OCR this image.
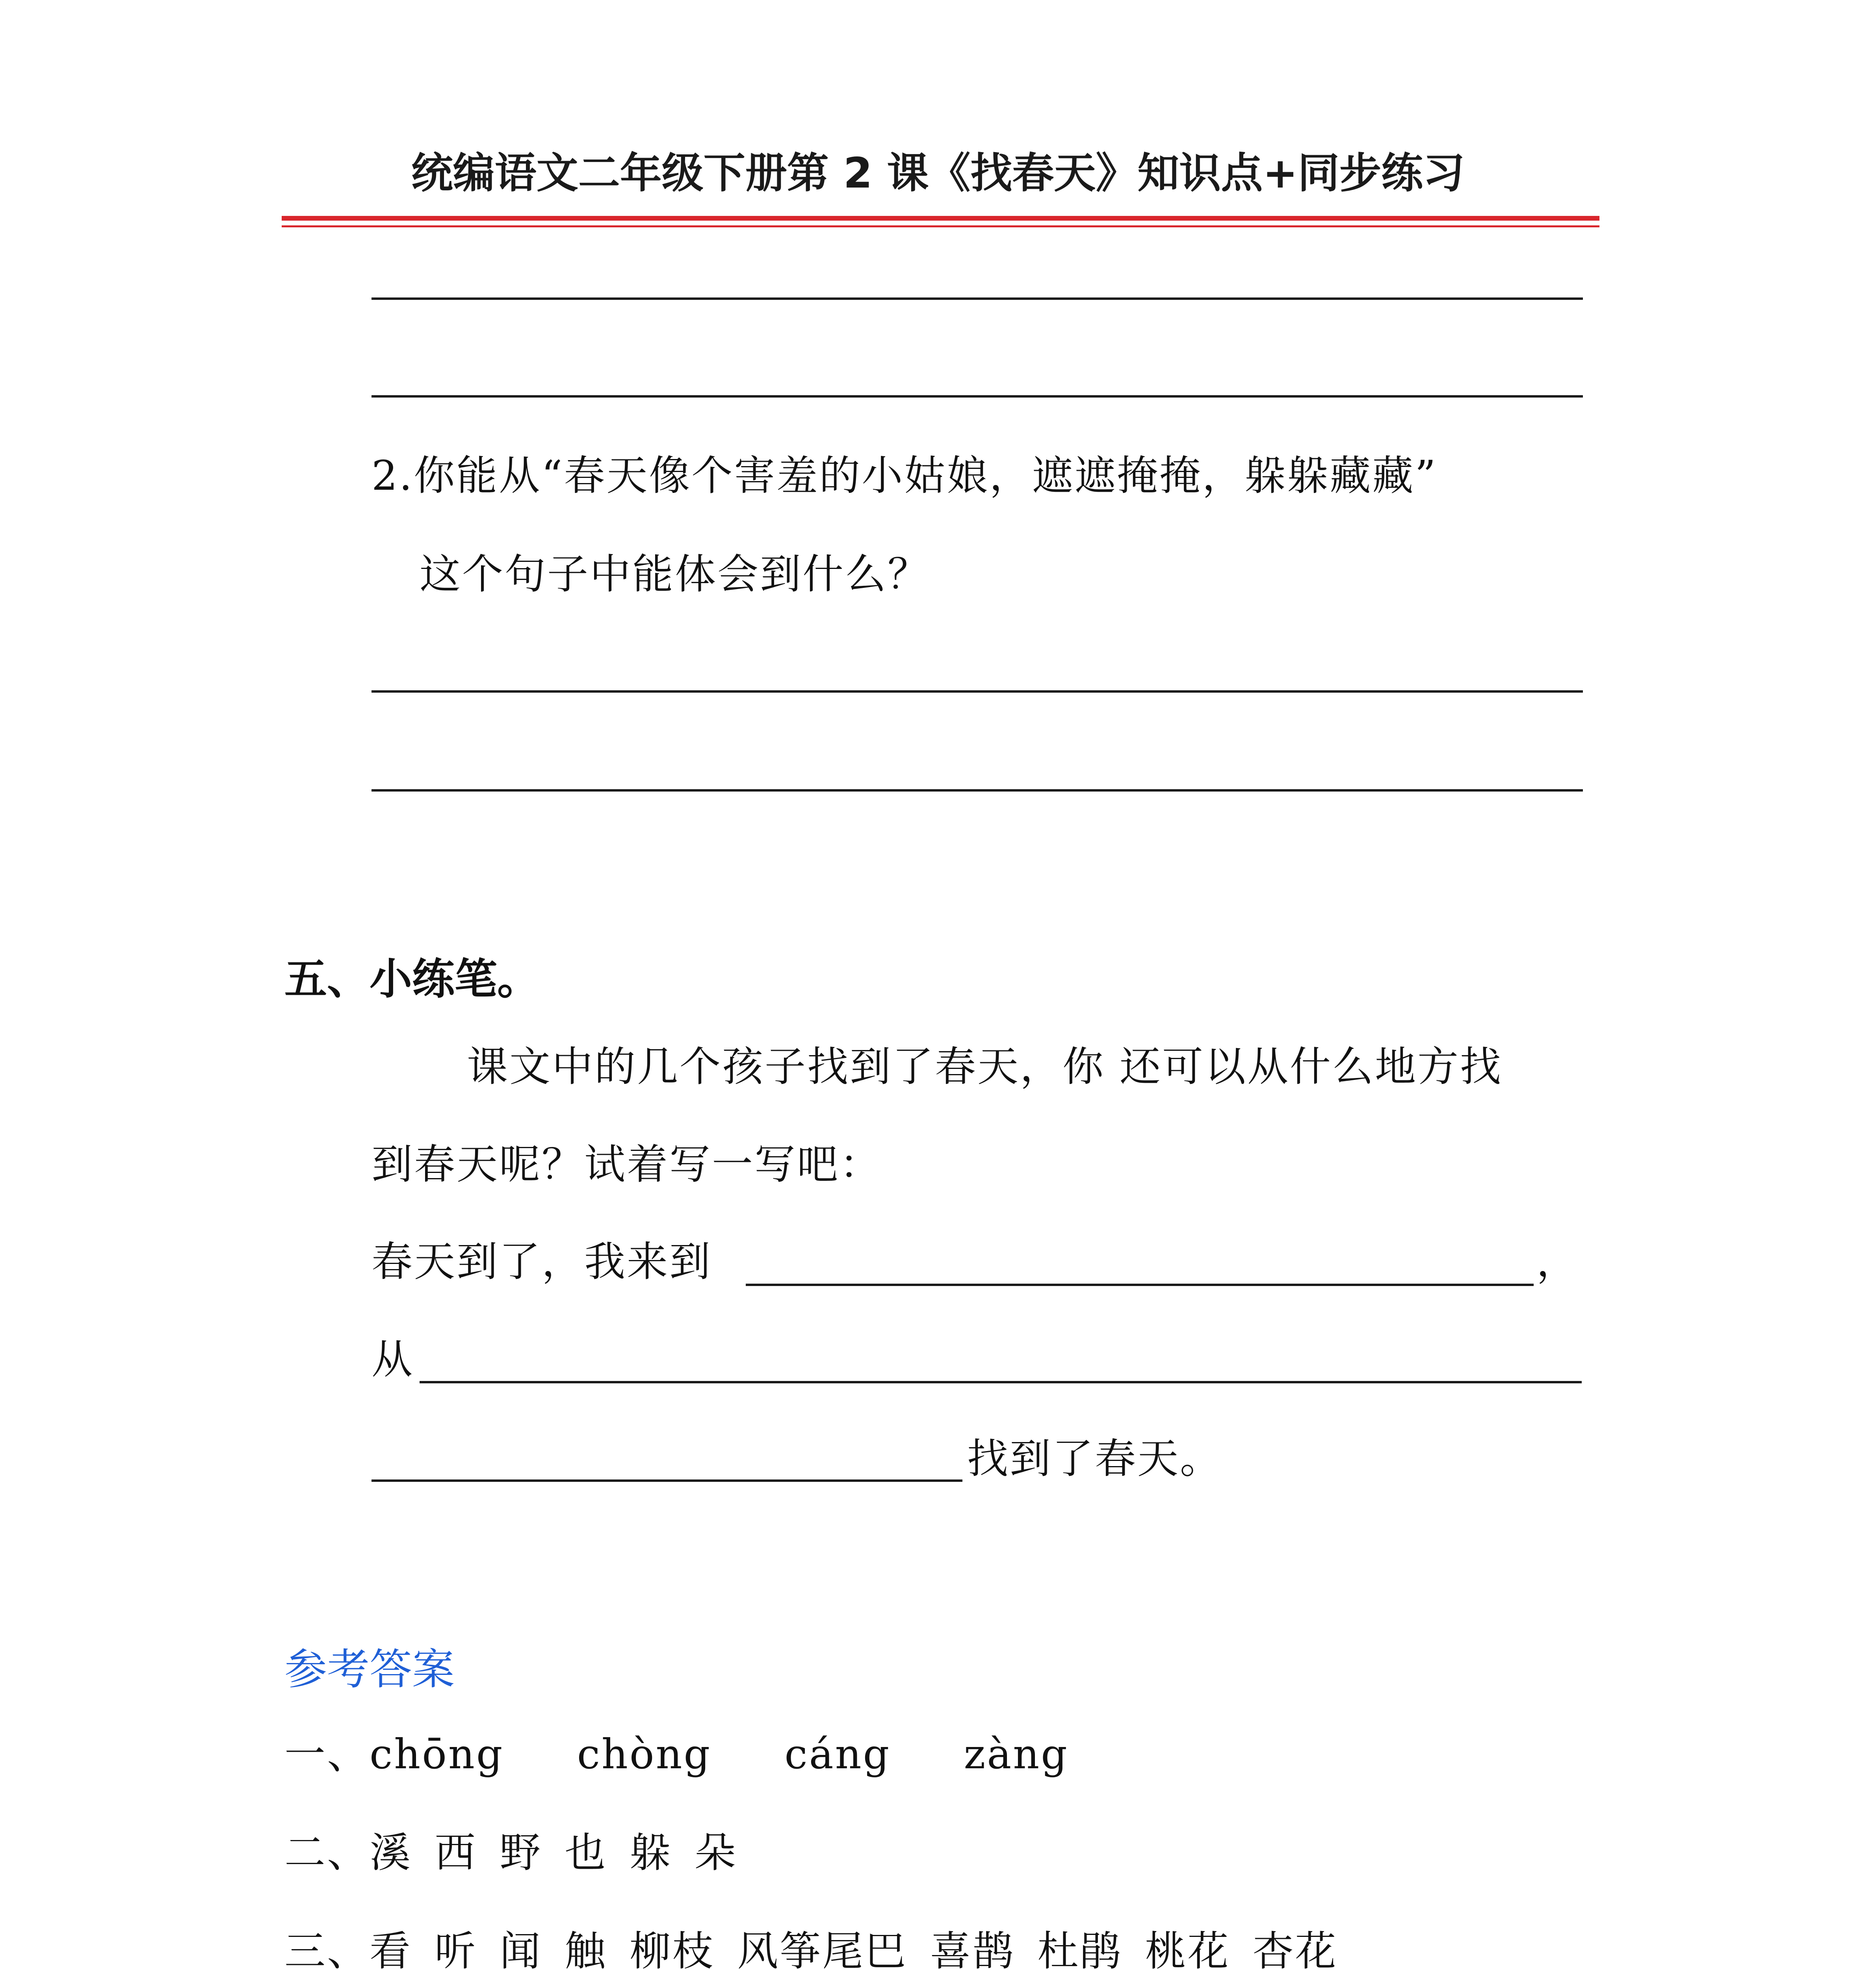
统编语文二年级下册第 2 课《找春天》知识点+同步练习
2.你能从“春天像个害羞的小姑娘，遮遮掩掩，躲躲藏藏”
这个句子中能体会到什么？
五、小练笔。
课文中的几个孩子找到了春天，你 还可以从什么地方找
到春天呢？试着写一写吧：
春天到了，我来到	，
从
找到了春天。
参考答案
一、chōng     chòng     cáng     zàng
二、溪 西 野 也 躲 朵
三、看 听 闻 触 柳枝 风筝尾巴 喜鹊 杜鹃 桃花 杏花
